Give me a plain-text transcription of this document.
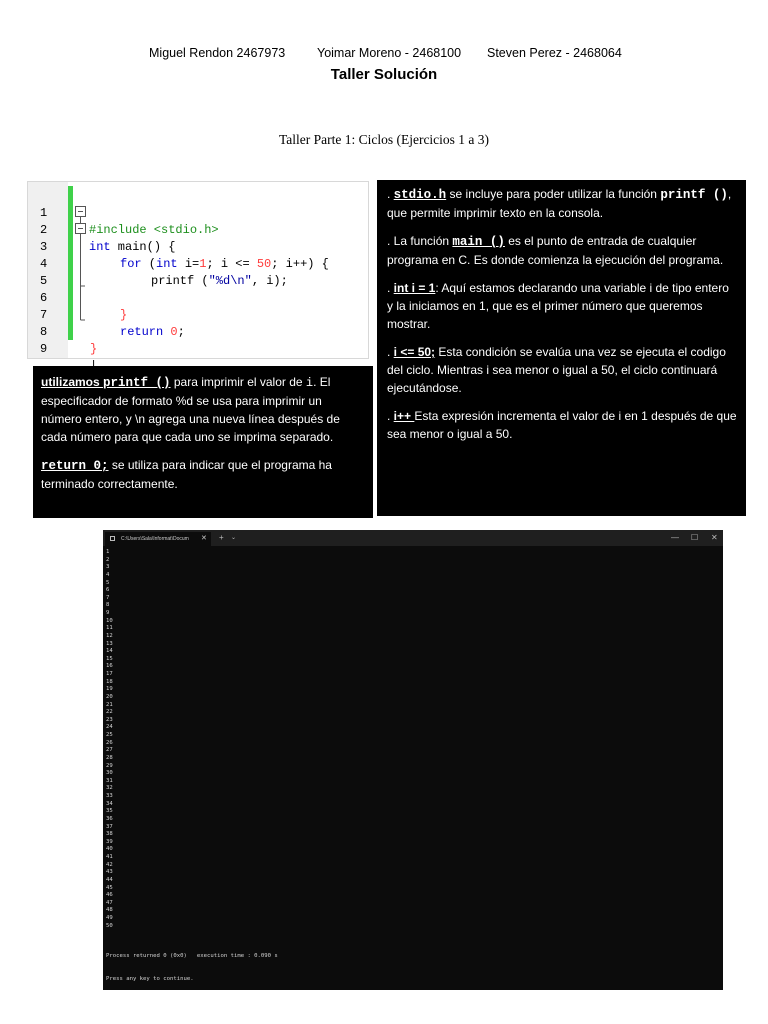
Miguel Rendon 2467973	Yoimar Moreno - 2468100 Steven Perez - 2468064
Taller Solución
Taller Parte 1: Ciclos (Ejercicios 1 a 3)

1

#include <stdio.h>

2

int main() {

3

for (int i=1; i <= 50; i++) {

4

printf ("%d\n", i);

5

6

}

7

return 0;

8

}

9

. stdio.h se incluye para poder utilizar la función printf (), que permite imprimir texto en la consola.

. La función main () es el punto de entrada de cualquier programa en C. Es donde comienza la ejecución del programa.

. int i = 1: Aquí estamos declarando una variable i de tipo entero y la iniciamos en 1, que es el primer número que queremos mostrar.

. i <= 50; Esta condición se evalúa una vez se ejecuta el codigo del ciclo. Mientras i sea menor o igual a 50, el ciclo continuará ejecutándose.

. i++ Esta expresión incrementa el valor de i en 1 después de que sea menor o igual a 50.

utilizamos printf () para imprimir el valor de i. El especificador de formato %d se usa para imprimir un número entero, y \n agrega una nueva línea después de cada número para que cada uno se imprima separado.

return 0; se utiliza para indicar que el programa ha terminado correctamente.

C:\Users\Sala\Informat\Docum ✕ + ⌄	— ☐ ✕
1
2
3
4
5
6
7
8
9
10
11
12
13
14
15
16
17
18
19
20
21
22
23
24
25
26
27
28
29
30
31
32
33
34
35
36
37
38
39
40
41
42
43
44
45
46
47
48
49
50

Process returned 0 (0x0)   execution time : 0.090 s

Press any key to continue.
